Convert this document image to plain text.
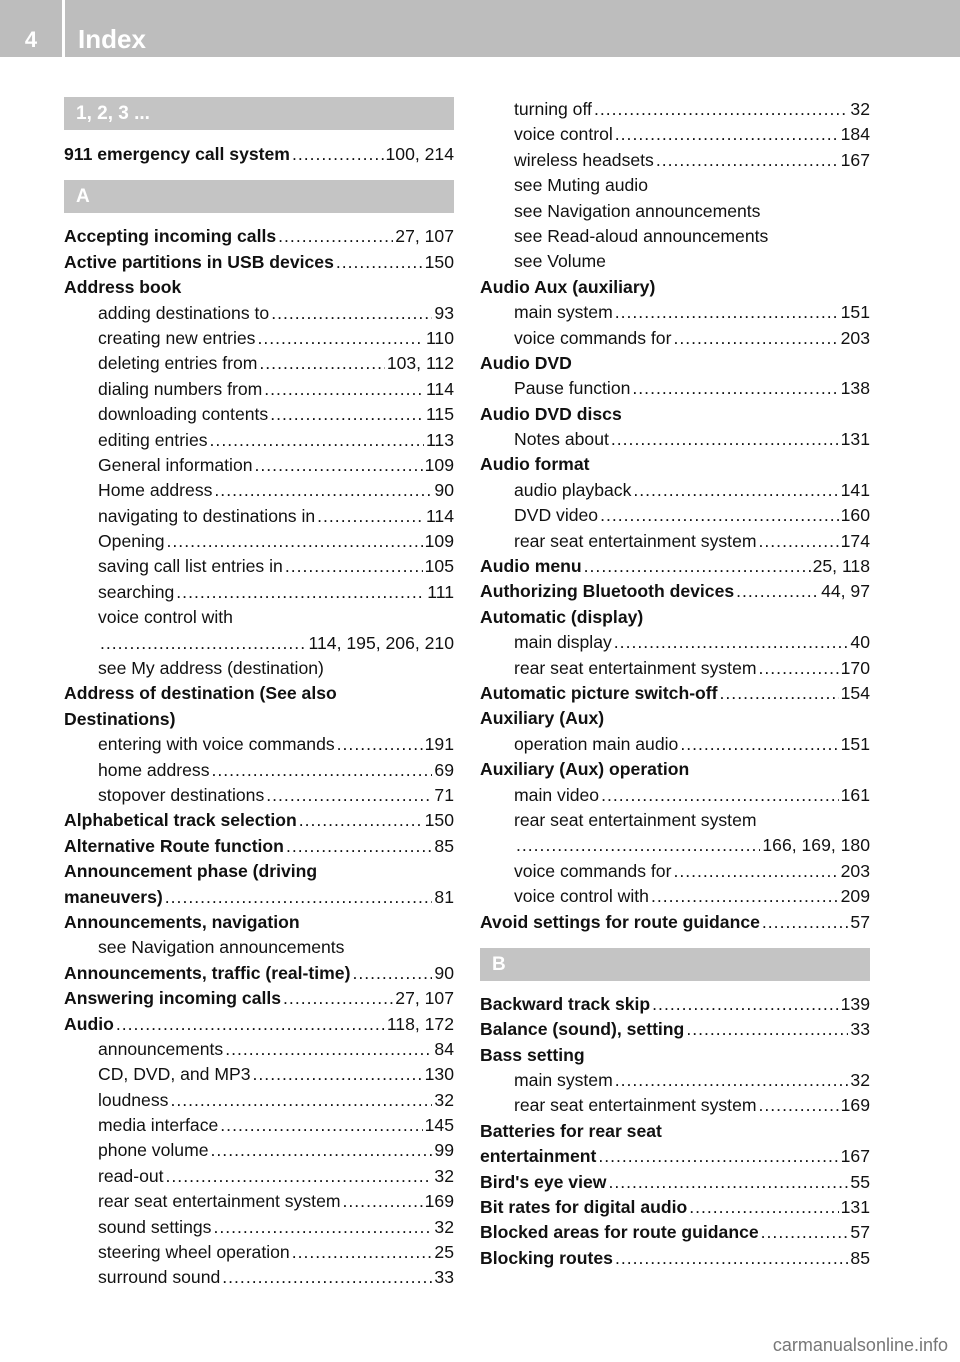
4	Index
1, 2, 3 ...
911 emergency call system .....	100, 214
A
Accepting incoming calls .....	27, 107
Active partitions in USB devices .....	150
Address book
adding destinations to .....	93
creating new entries .....	110
deleting entries from .....	103, 112
dialing numbers from .....	114
downloading contents .....	115
editing entries .....	113
General information .....	109
Home address .....	90
navigating to destinations in .....	114
Opening .....	109
saving call list entries in .....	105
searching .....	111
voice control with
.....
114, 195, 206, 210
see My address (destination)
Address of destination (See also
Destinations)
entering with voice commands .....	191
home address .....	69
stopover destinations .....	71
Alphabetical track selection .....	150
Alternative Route function .....	85
Announcement phase (driving
maneuvers) .....	81
Announcements, navigation
see Navigation announcements
Announcements, traffic (real-time) .....	90
Answering incoming calls .....	27, 107
Audio .....	118, 172
announcements .....	84
CD, DVD, and MP3 .....	130
loudness .....	32
media interface .....	145
phone volume .....	99
read-out .....	32
rear seat entertainment system .....	169
sound settings .....	32
steering wheel operation .....	25
surround sound .....	33
turning off .....	32
voice control .....	184
wireless headsets .....	167
see Muting audio
see Navigation announcements
see Read-aloud announcements
see Volume
Audio Aux (auxiliary)
main system .....	151
voice commands for .....	203
Audio DVD
Pause function .....	138
Audio DVD discs
Notes about .....	131
Audio format
audio playback .....	141
DVD video .....	160
rear seat entertainment system .....	174
Audio menu .....	25, 118
Authorizing Bluetooth devices .....	44, 97
Automatic (display)
main display .....	40
rear seat entertainment system .....	170
Automatic picture switch-off .....	154
Auxiliary (Aux)
operation main audio .....	151
Auxiliary (Aux) operation
main video .....	161
rear seat entertainment system
.....
166, 169, 180
voice commands for .....	203
voice control with .....	209
Avoid settings for route guidance .....	57
B
Backward track skip .....	139
Balance (sound), setting .....	33
Bass setting
main system .....	32
rear seat entertainment system .....	169
Batteries for rear seat
entertainment .....	167
Bird's eye view .....	55
Bit rates for digital audio .....	131
Blocked areas for route guidance .....	57
Blocking routes .....	85
carmanualsonline.info
